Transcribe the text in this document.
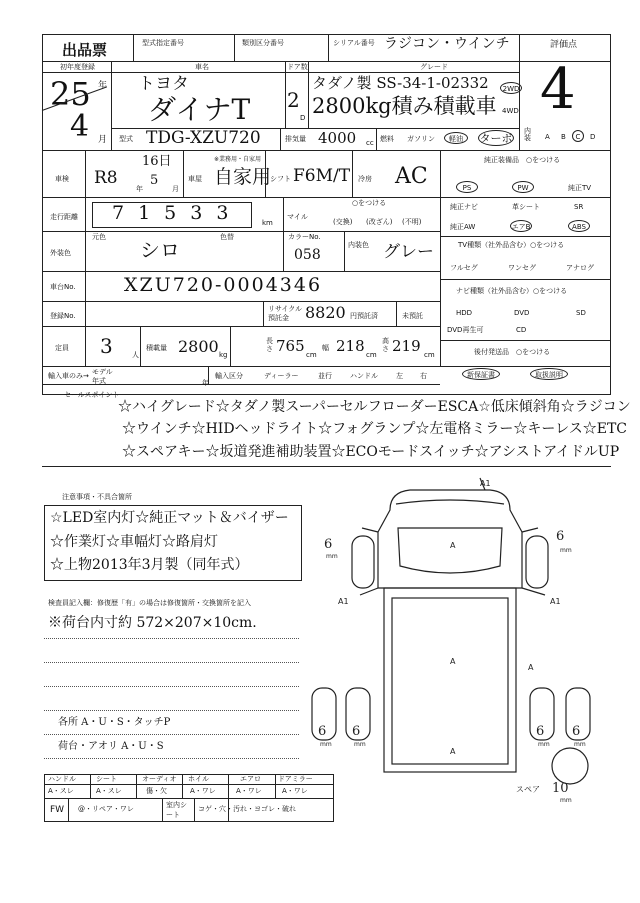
出品票	型式指定番号	類別区分番号	シリアル番号 ラジコン・ウインチ	評価点
4
初年度登録
25 年
4 月
車名
トヨタ
ダイナT
ドア数
2
D
グレード
タダノ製 SS-34-1-02332
2800kg積み積載車
2WD
4WD
型式 TDG-XZU720	排気量 4000 cc 燃料 ガソリン	軽油	ターボ
内装	A B	C	D
車検 R8
16日
年
5
月
※業務用・自家用
車屋 自家用
シフト F6M/T 冷房 AC
走行距離 71533	km
マイル
○をつける
(交換) (改ざん) (不明)
元色
外装色	シロ
色替	カラーNo.
058
内装色 グレー
車台No.	XZU720-0004346
登録No.
リサイクル預託金	8820 円預託済	未預託
定員 3	人
積載量 2800 kg
長さ 765 cm
幅 218 cm
高さ 219 cm
輸入車のみ→ モデル年式	年
輸入区分	ディーラー	並行	ハンドル	左 右
純正装備品　○をつける
PS	PW	純正TV
純正ナビ	革シート	SR
純正AW	エアB	ABS
TV種類（社外品含む）○をつける
フルセグ	ワンセグ	アナログ
ナビ種類（社外品含む）○をつける
HDD	DVD	SD
DVD再生可	CD
後付発送品　○をつける
新保証書	取扱説明
セールスポイント
☆ハイグレード☆タダノ製スーパーセルフローダーESCA☆低床傾斜角☆ラジコン
☆ウインチ☆HIDヘッドライト☆フォグランプ☆左電格ミラー☆キーレス☆ETC
☆スペアキー☆坂道発進補助装置☆ECOモードスイッチ☆アシストアイドルUP
注意事項・不具合箇所
☆LED室内灯☆純正マット＆バイザー
☆作業灯☆車幅灯☆路肩灯
☆上物2013年3月製（同年式）
検査員記入欄：修復歴「有」の場合は修復箇所・交換箇所を記入
※荷台内寸約 572×207×10cm.
各所 A・U・S・タッチP
荷台・アオリ A・U・S
ハンドル	シート	オーディオ ホイル	エアロ ドアミラー
A・スレ	A・スレ	傷・欠	A・ワレ	A・ワレ	A・ワレ
FW @・リペア・ワレ	室内シート
コゲ・穴・汚れ・ヨゴレ・破れ
A1
A1	A1
A
A
A
A
6
6
6 6	6 6
10
mm
mm
mm	mm	mm	mm
mm
スペア
